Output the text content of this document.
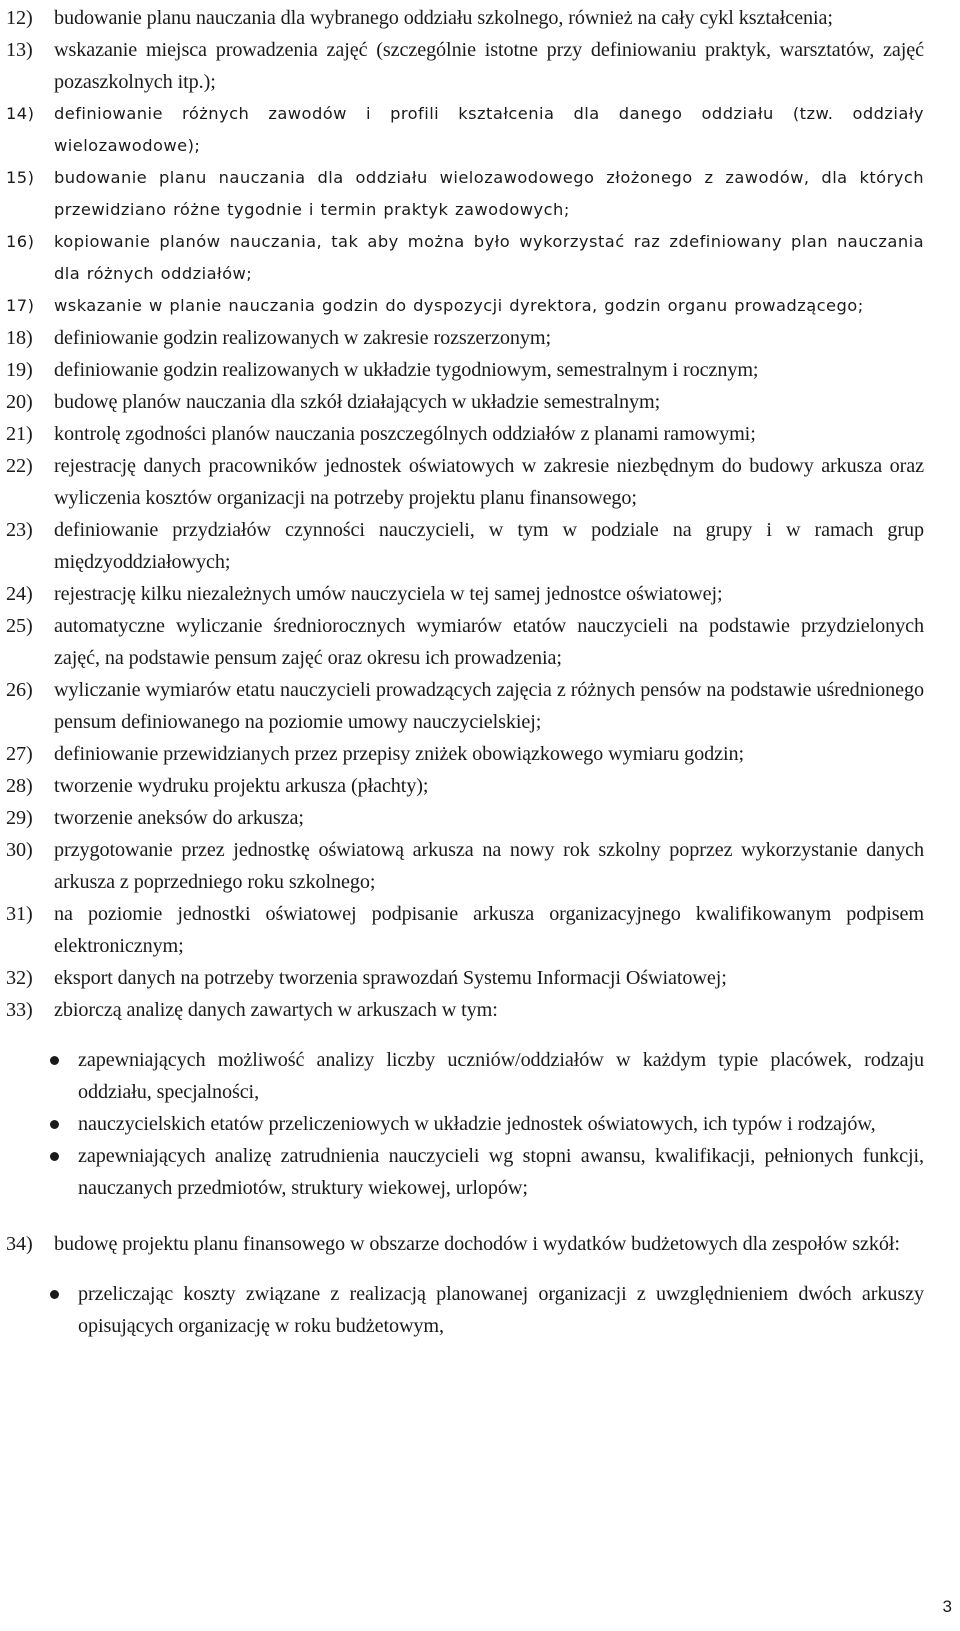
12) budowanie planu nauczania dla wybranego oddziału szkolnego, również na cały cykl kształcenia;
13) wskazanie miejsca prowadzenia zajęć (szczególnie istotne przy definiowaniu praktyk, warsztatów, zajęć pozaszkolnych itp.);
14) definiowanie różnych zawodów i profili kształcenia dla danego oddziału (tzw. oddziały wielozawodowe);
15) budowanie planu nauczania dla oddziału wielozawodowego złożonego z zawodów, dla których przewidziano różne tygodnie i termin praktyk zawodowych;
16) kopiowanie planów nauczania, tak aby można było wykorzystać raz zdefiniowany plan nauczania dla różnych oddziałów;
17) wskazanie w planie nauczania godzin do dyspozycji dyrektora, godzin organu prowadzącego;
18) definiowanie godzin realizowanych w zakresie rozszerzonym;
19) definiowanie godzin realizowanych w układzie tygodniowym, semestralnym i rocznym;
20) budowę planów nauczania dla szkół działających w układzie semestralnym;
21) kontrolę zgodności planów nauczania poszczególnych oddziałów z planami ramowymi;
22) rejestrację danych pracowników jednostek oświatowych w zakresie niezbędnym do budowy arkusza oraz wyliczenia kosztów organizacji na potrzeby projektu planu finansowego;
23) definiowanie przydziałów czynności nauczycieli, w tym w podziale na grupy i w ramach grup międzyoddziałowych;
24) rejestrację kilku niezależnych umów nauczyciela w tej samej jednostce oświatowej;
25) automatyczne wyliczanie średniorocznych wymiarów etatów nauczycieli na podstawie przydzielonych zajęć, na podstawie pensum zajęć oraz okresu ich prowadzenia;
26) wyliczanie wymiarów etatu nauczycieli prowadzących zajęcia z różnych pensów na podstawie uśrednionego pensum definiowanego na poziomie umowy nauczycielskiej;
27) definiowanie przewidzianych przez przepisy zniżek obowiązkowego wymiaru godzin;
28) tworzenie wydruku projektu arkusza (płachty);
29) tworzenie aneksów do arkusza;
30) przygotowanie przez jednostkę oświatową arkusza na nowy rok szkolny poprzez wykorzystanie danych arkusza z poprzedniego roku szkolnego;
31) na poziomie jednostki oświatowej podpisanie arkusza organizacyjnego kwalifikowanym podpisem elektronicznym;
32) eksport danych na potrzeby tworzenia sprawozdań Systemu Informacji Oświatowej;
33) zbiorczą analizę danych zawartych w arkuszach w tym:
zapewniających możliwość analizy liczby uczniów/oddziałów w każdym typie placówek, rodzaju oddziału, specjalności,
nauczycielskich etatów przeliczeniowych w układzie jednostek oświatowych, ich typów i rodzajów,
zapewniających analizę zatrudnienia nauczycieli wg stopni awansu, kwalifikacji, pełnionych funkcji, nauczanych przedmiotów, struktury wiekowej, urlopów;
34) budowę projektu planu finansowego w obszarze dochodów i wydatków budżetowych dla zespołów szkół:
przeliczając koszty związane z realizacją planowanej organizacji z uwzględnieniem dwóch arkuszy opisujących organizację w roku budżetowym,
3
